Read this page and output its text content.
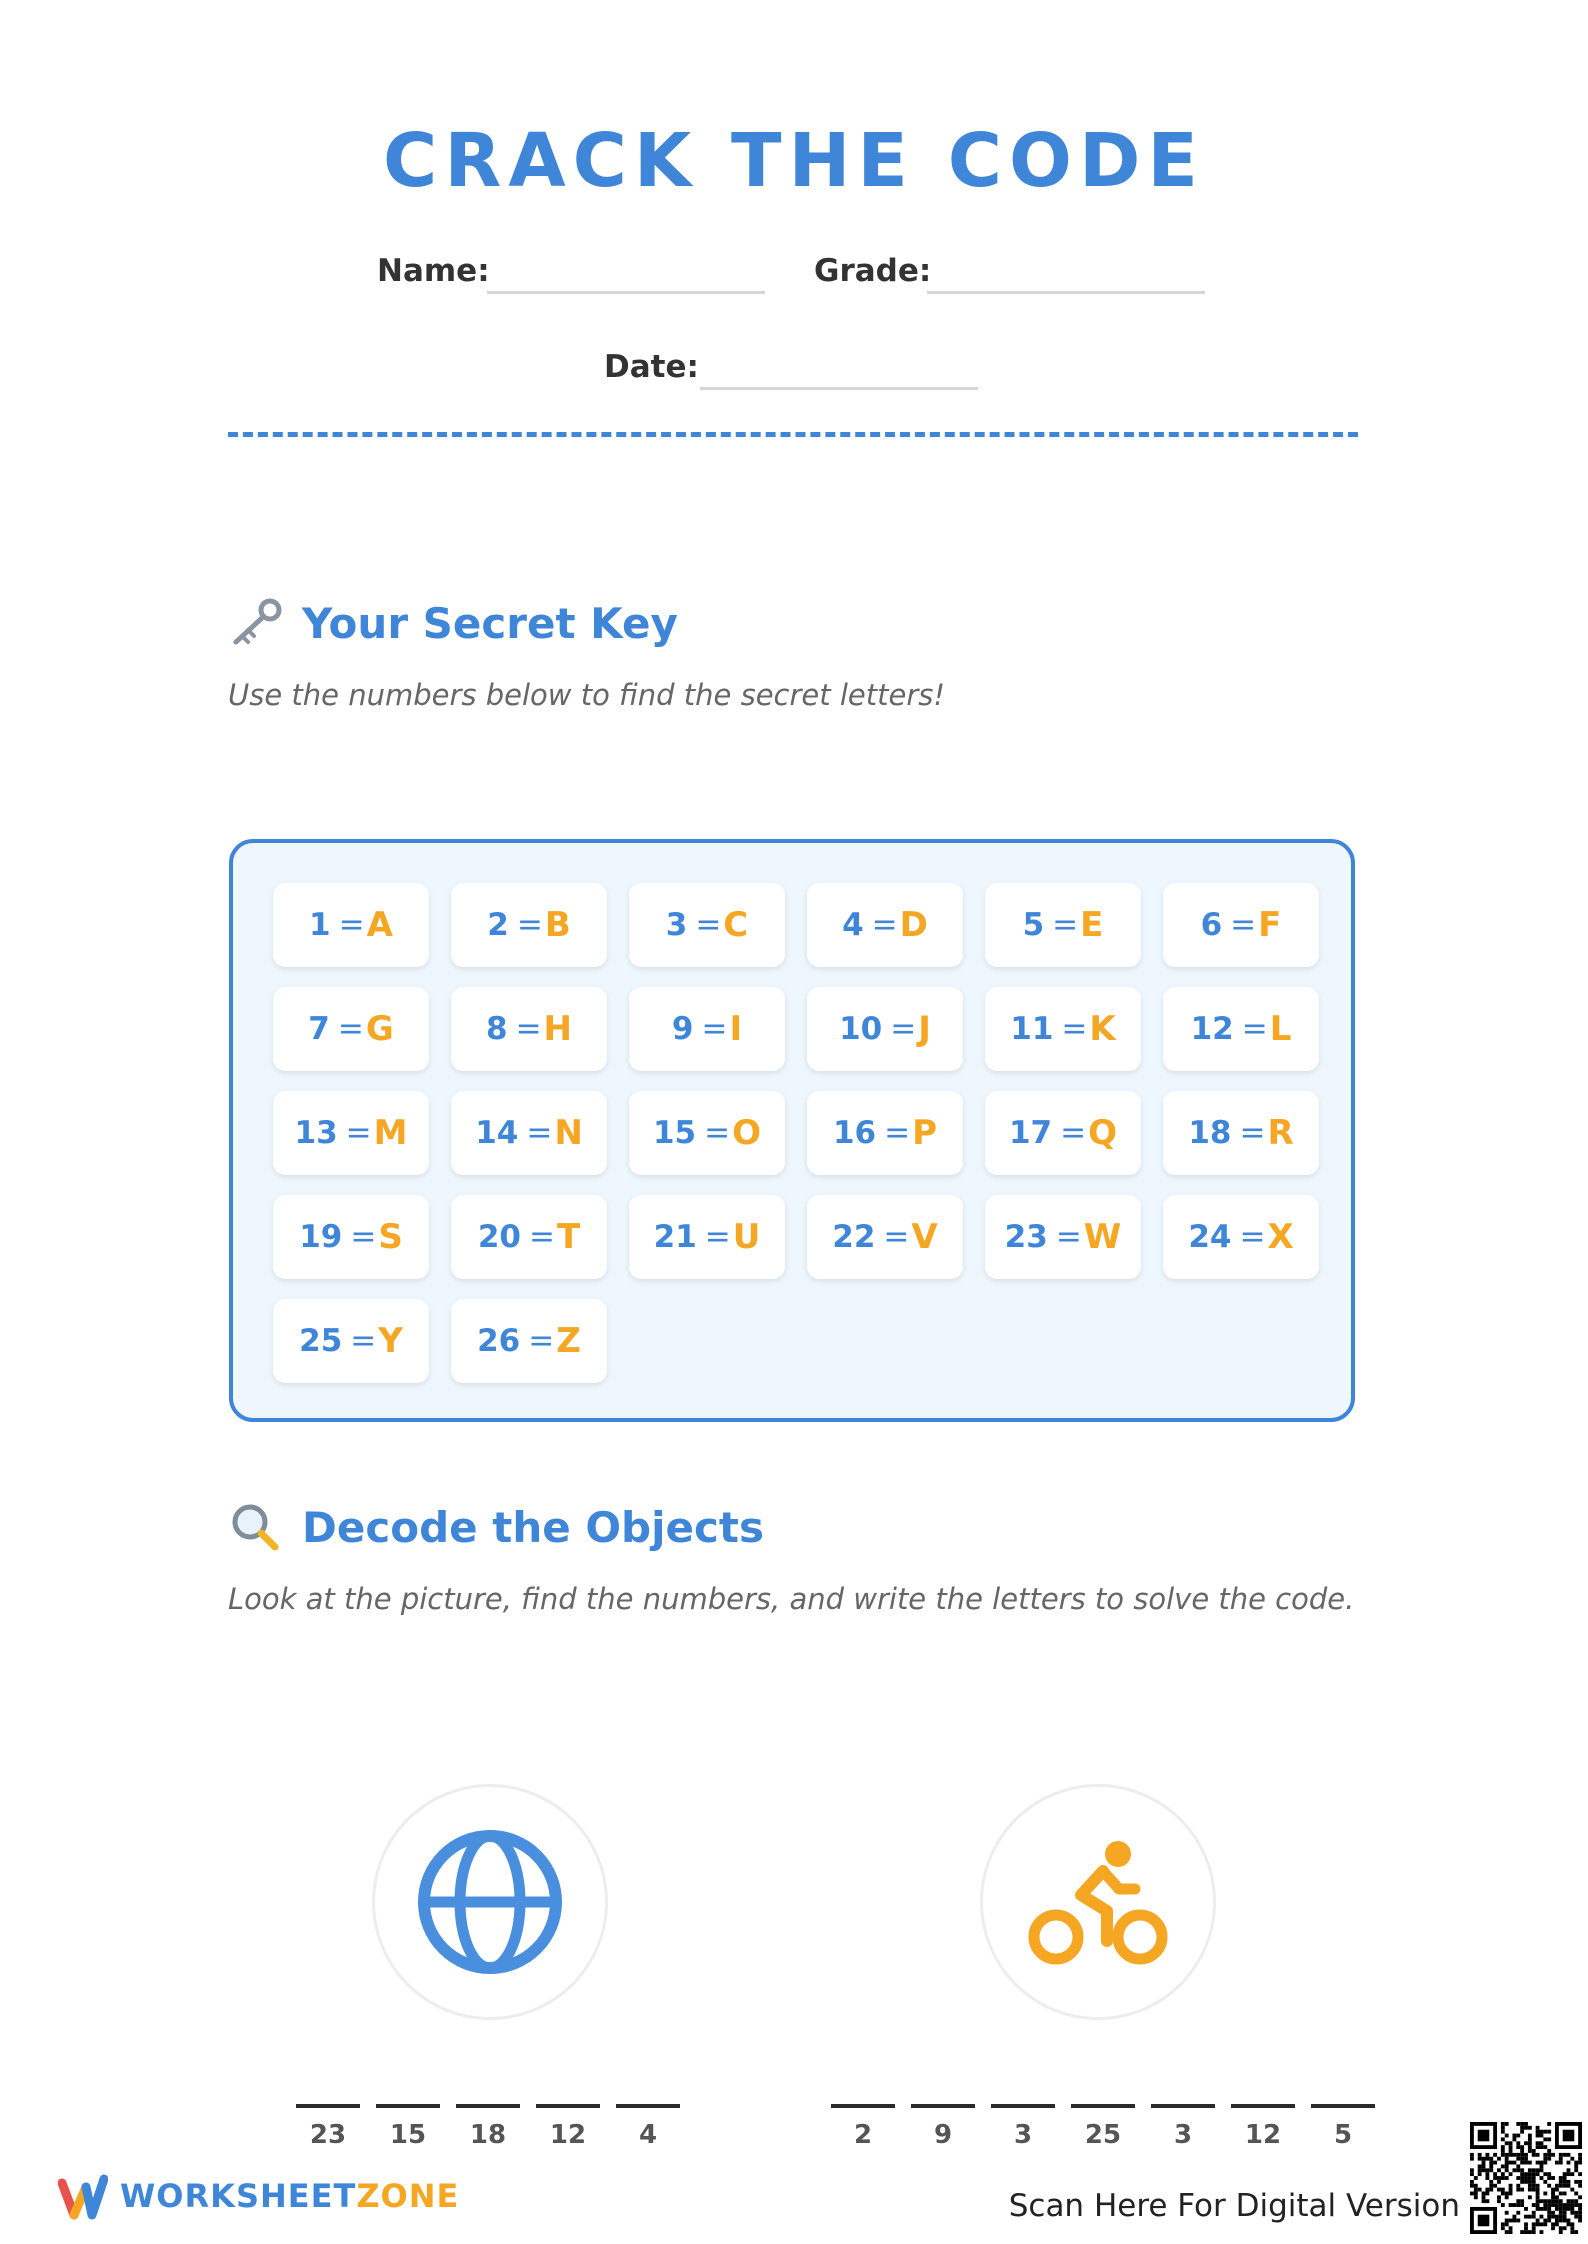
CRACK THE CODE
Name:	Grade:
Date:
Your Secret Key
Use the numbers below to find the secret letters!
1 = A	2 = B	3 = C	4 = D	5 = E	6 = F
7 = G	8 = H	9 = I	10 = J	11 = K 12 = L
13 = M 14 = N 15 = O 16 = P 17 = Q 18 = R
19 = S 20 = T 21 = U 22 = V 23 = W 24 = X
25 = Y 26 = Z
Decode the Objects
Look at the picture, find the numbers, and write the letters to solve the code.
23 15 18 12 4	2 9 3 25 3 12 5
WORKSHEET ZONE	Scan Here For Digital Version
